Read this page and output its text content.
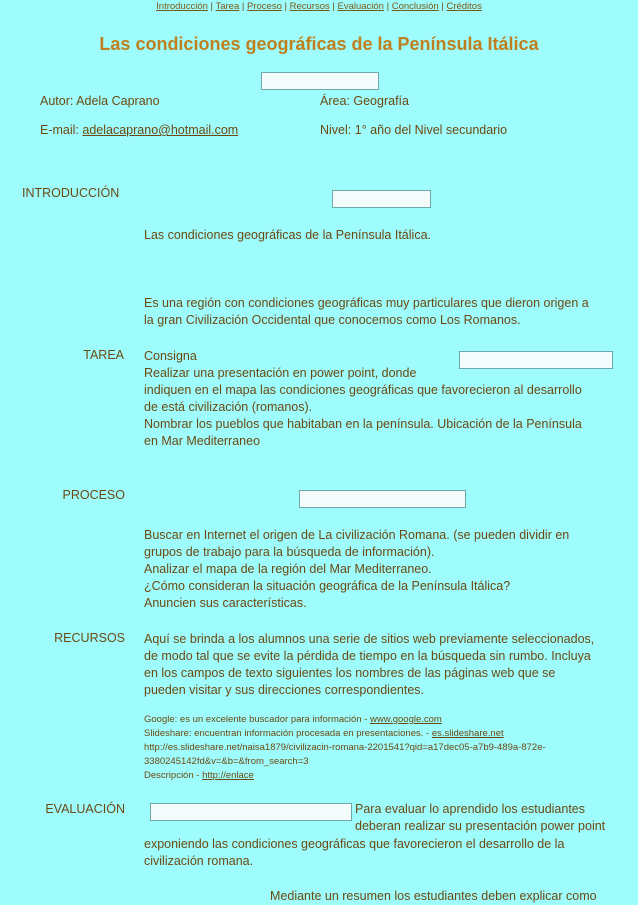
Introducción | Tarea | Proceso | Recursos | Evaluación | Conclusión | Créditos
Las condiciones geográficas de la Península Itálica
Autor: Adela Caprano	Área: Geografía
E-mail: adelacaprano@hotmail.com	Nivel: 1° año del Nivel secundario
INTRODUCCIÓN
Las condiciones geográficas de la Península Itálica.
Es una región con condiciones geográficas muy particulares que dieron origen a
la gran Civilización Occidental que conocemos como Los Romanos.
TAREA Consigna
Realizar una presentación en power point, donde
indiquen en el mapa las condiciones geográficas que favorecieron al desarrollo
de está civilización (romanos).
Nombrar los pueblos que habitaban en la península. Ubicación de la Península
en Mar Mediterraneo
PROCESO
Buscar en Internet el origen de La civilización Romana. (se pueden dividir en
grupos de trabajo para la búsqueda de información).
Analizar el mapa de la región del Mar Mediterraneo.
¿Cómo consideran la situación geográfica de la Península Itálica?
Anuncien sus características.
RECURSOS Aquí se brinda a los alumnos una serie de sitios web previamente seleccionados,
de modo tal que se evite la pérdida de tiempo en la búsqueda sin rumbo. Incluya
en los campos de texto siguientes los nombres de las páginas web que se
pueden visitar y sus direcciones correspondientes.
Google: es un excelente buscador para información - www.google.com
Slideshare: encuentran información procesada en presentaciones. - es.slideshare.net
http://es.slideshare.net/naisa1879/civilizacin-romana-2201541?qid=a17dec05-a7b9-489a-872e-
3380245142fd&v=&b=&from_search=3
Descripción - http://enlace
EVALUACIÓN	Para evaluar lo aprendido los estudiantes
deberan realizar su presentación power point
exponiendo las condiciones geográficas que favorecieron el desarrollo de la
civilización romana.
Mediante un resumen los estudiantes deben explicar como
